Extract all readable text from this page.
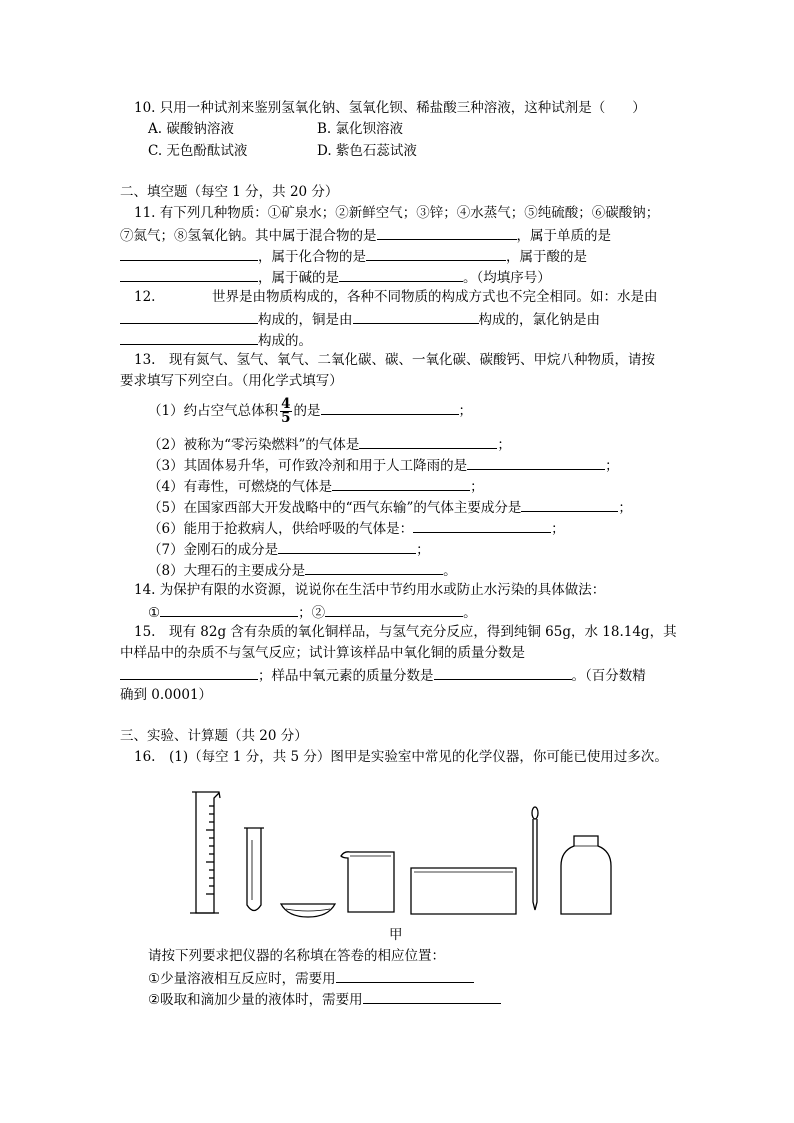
10. 只用一种试剂来鉴别氢氧化钠、氢氧化钡、稀盐酸三种溶液，这种试剂是（　　）
A. 碳酸钠溶液	B. 氯化钡溶液
C. 无色酚酞试液	D. 紫色石蕊试液
二、填空题（每空 1 分，共 20 分）
11. 有下列几种物质：①矿泉水；②新鲜空气；③锌；④水蒸气；⑤纯硫酸；⑥碳酸钠；
⑦氮气；⑧氢氧化钠。其中属于混合物的是	，属于单质的是
，属于化合物的是	，属于酸的是
，属于碱的是	。（均填序号）
12.	世界是由物质构成的，各种不同物质的构成方式也不完全相同。如：水是由
构成的，铜是由	构成的，氯化钠是由
构成的。
13.　现有氮气、氢气、氧气、二氧化碳、碳、一氧化碳、碳酸钙、甲烷八种物质，请按
要求填写下列空白。（用化学式填写）
（1）约占空气总体积 $\frac{4}{5}$ 的是	；
（2）被称为“零污染燃料”的气体是	；
（3）其固体易升华，可作致冷剂和用于人工降雨的是	；
（4）有毒性，可燃烧的气体是	；
（5）在国家西部大开发战略中的“西气东输”的气体主要成分是	；
（6）能用于抢救病人，供给呼吸的气体是：	；
（7）金刚石的成分是	；
（8）大理石的主要成分是	。
14. 为保护有限的水资源，说说你在生活中节约用水或防止水污染的具体做法：
①	；②	。
15.　现有 82g 含有杂质的氧化铜样品，与氢气充分反应，得到纯铜 65g，水 18.14g，其
中样品中的杂质不与氢气反应；试计算该样品中氧化铜的质量分数是
；样品中氧元素的质量分数是	。（百分数精
确到 0.0001）
三、实验、计算题（共 20 分）
16.　(1)（每空 1 分，共 5 分）图甲是实验室中常见的化学仪器，你可能已使用过多次。
甲
请按下列要求把仪器的名称填在答卷的相应位置：
①少量溶液相互反应时，需要用
②吸取和滴加少量的液体时，需要用
